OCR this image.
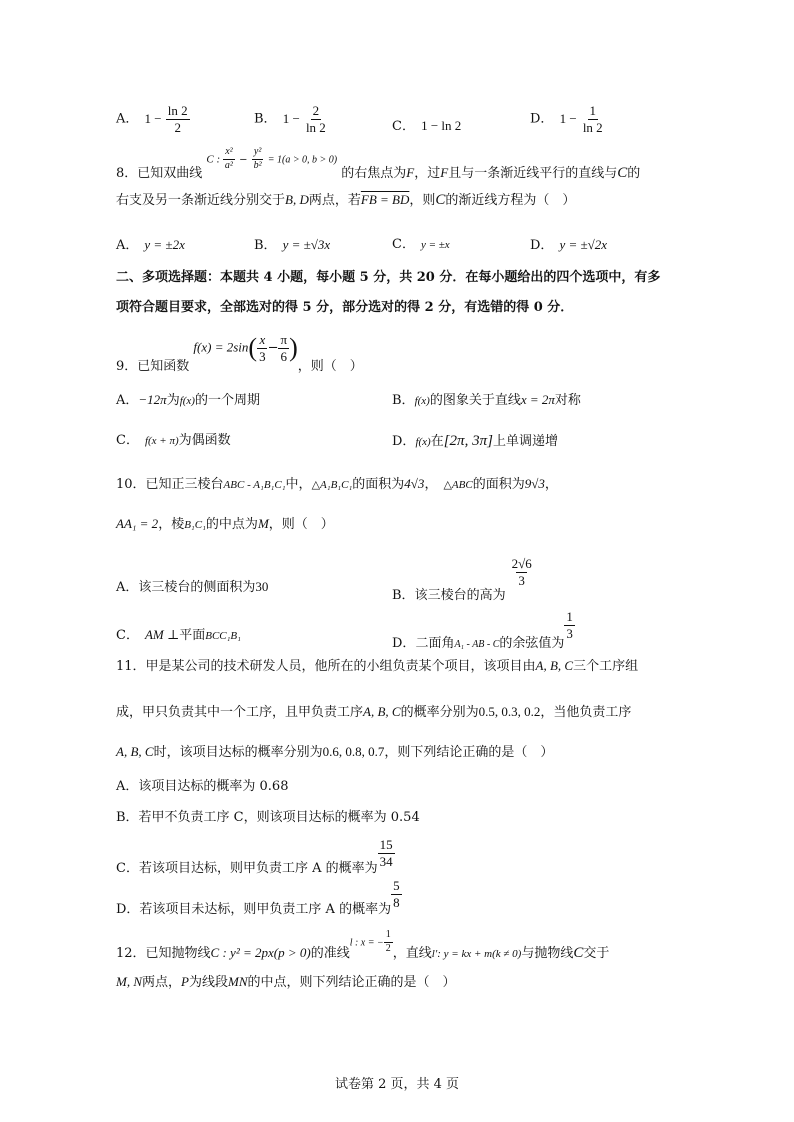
A． $1 - \frac{\ln 2}{2}$	B． $1 - \frac{2}{\ln 2}$	C． 1 − ln 2	D． $1 - \frac{1}{\ln 2}$
8．已知双曲线 C : $\frac{\text{x²}}{\text{a²}} - \frac{\text{y²}}{\text{b²}} = 1(a > 0$, b > 0) 的右焦点为F，过F且与一条渐近线平行的直线与C的
右支及另一条渐近线分别交于B, D两点，若FB = BD，则C的渐近线方程为（　）
A． y = ±2x	B． y = ±√3x	C． y = ±x	D． y = ±√2x
二、多项选择题：本题共 4 小题，每小题 5 分，共 20 分．在每小题给出的四个选项中，有多
项符合题目要求，全部选对的得 5 分，部分选对的得 2 分，有选错的得 0 分．
9．已知函数 $f(x) = 2\sin( \frac{x}{3} - \frac{\pi}{6}$ )，则（　）
A．−12π为f(x)的一个周期	B．f(x)的图象关于直线x = 2π对称
C． f(x + π)为偶函数	D．f(x)在[2π, 3π]上单调递增
10．已知正三棱台ABC - A₁B₁C₁中，△A₁B₁C₁的面积为4√3， △ABC的面积为9√3，
AA₁ = 2，棱B₁C₁的中点为M，则（　）
A．该三棱台的侧面积为30
B．该三棱台的高为
$\frac{2√6}{3}$
C． AM ⊥平面BCC₁B₁	D．二面角$_{A_1 - AB - C}$的余弦值为
$\frac{1}{3}$
11．甲是某公司的技术研发人员，他所在的小组负责某个项目，该项目由A, B, C三个工序组
成，甲只负责其中一个工序，且甲负责工序A, B, C的概率分别为0.5, 0.3, 0.2，当他负责工序
A, B, C时，该项目达标的概率分别为0.6, 0.8, 0.7，则下列结论正确的是（　）
A．该项目达标的概率为 0.68
B．若甲不负责工序 C，则该项目达标的概率为 0.54
C．若该项目达标，则甲负责工序 A 的概率为 $\frac{15}{34}$
D．若该项目未达标，则甲负责工序 A 的概率为 $\frac{5}{8}$
12．已知抛物线C : y² = 2px(p > 0)的准线l : x = − $\frac{1}{2}$ ，直线$_{l': y = kx + m(k \ne 0)}$与抛物线C交于
M, N两点，P为线段MN的中点，则下列结论正确的是（　）
试卷第 2 页，共 4 页
